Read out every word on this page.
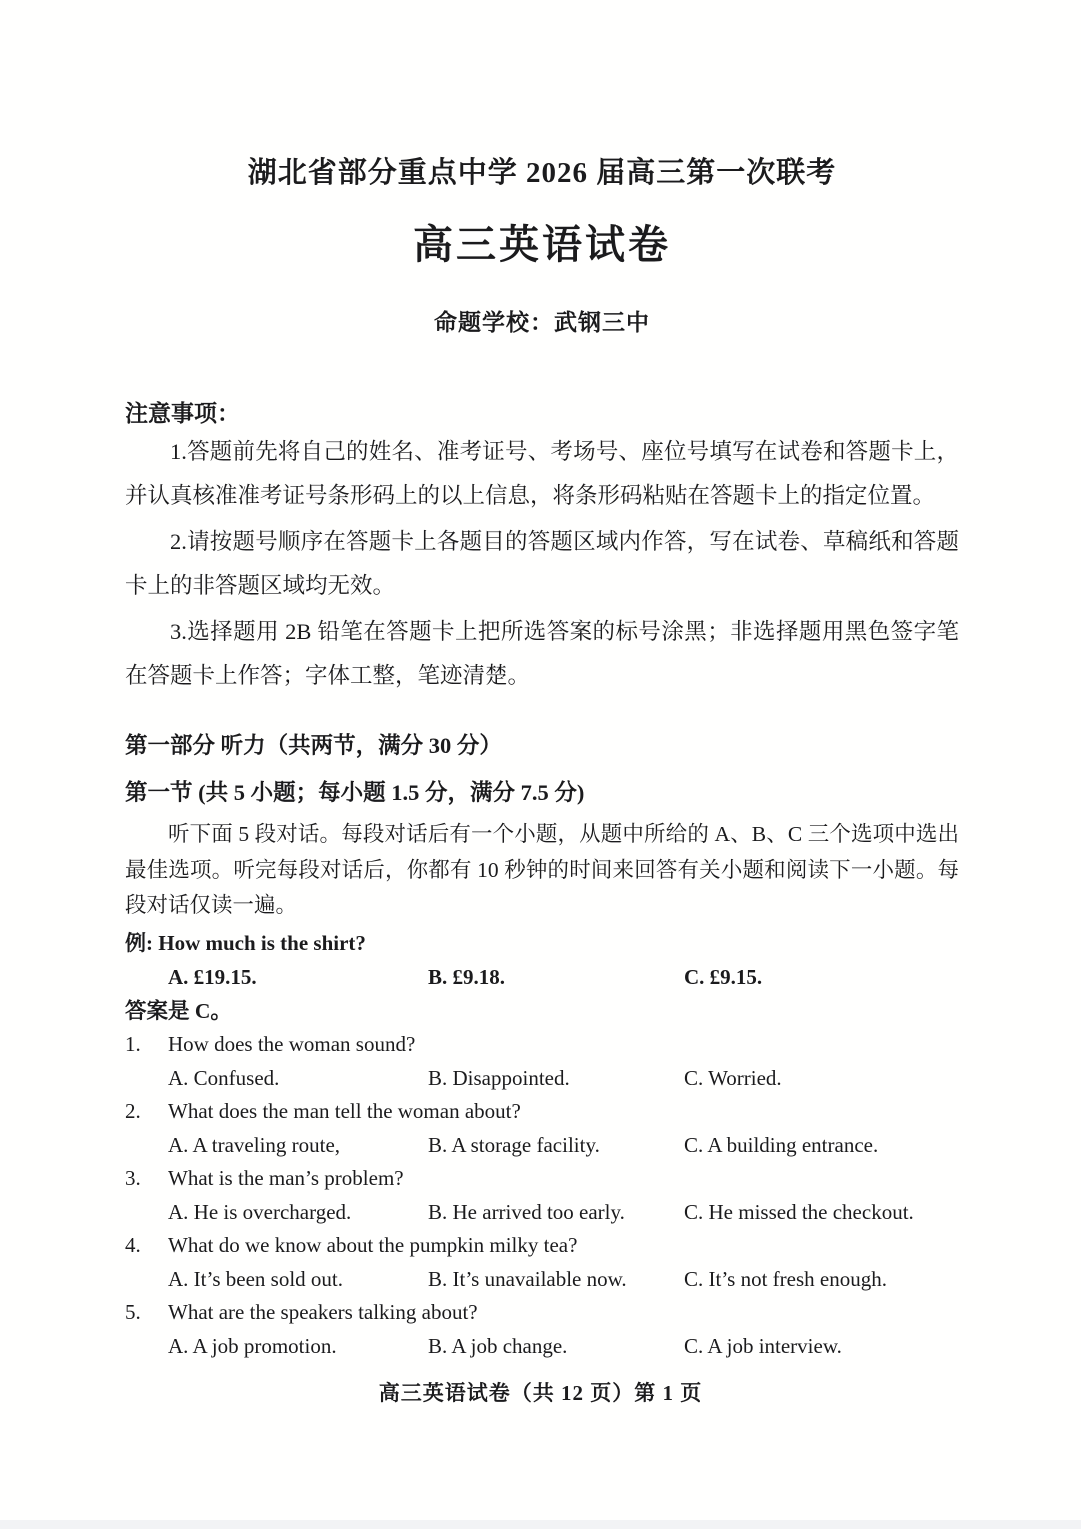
湖北省部分重点中学 2026 届高三第一次联考
高三英语试卷
命题学校：武钢三中
注意事项：

1.答题前先将自己的姓名、准考证号、考场号、座位号填写在试卷和答题卡上，并认真核准准考证号条形码上的以上信息，将条形码粘贴在答题卡上的指定位置。

2.请按题号顺序在答题卡上各题目的答题区域内作答，写在试卷、草稿纸和答题卡上的非答题区域均无效。

3.选择题用 2B 铅笔在答题卡上把所选答案的标号涂黑；非选择题用黑色签字笔在答题卡上作答；字体工整，笔迹清楚。

第一部分 听力（共两节，满分 30 分）
第一节 (共 5 小题；每小题 1.5 分，满分 7.5 分)

听下面 5 段对话。每段对话后有一个小题，从题中所给的 A、B、C 三个选项中选出最佳选项。听完每段对话后，你都有 10 秒钟的时间来回答有关小题和阅读下一小题。每段对话仅读一遍。

例: How much is the shirt?
A. £19.15.	B. £9.18.	C. £9.15.
答案是 C。
1.	How does the woman sound?
A. Confused.	B. Disappointed.	C. Worried.
2.	What does the man tell the woman about?
A. A traveling route,	B. A storage facility.	C. A building entrance.
3.	What is the man’s problem?
A. He is overcharged.	B. He arrived too early.	C. He missed the checkout.
4.	What do we know about the pumpkin milky tea?
A. It’s been sold out.	B. It’s unavailable now.	C. It’s not fresh enough.
5.	What are the speakers talking about?
A. A job promotion.	B. A job change.	C. A job interview.
高三英语试卷（共 12 页）第 1 页
